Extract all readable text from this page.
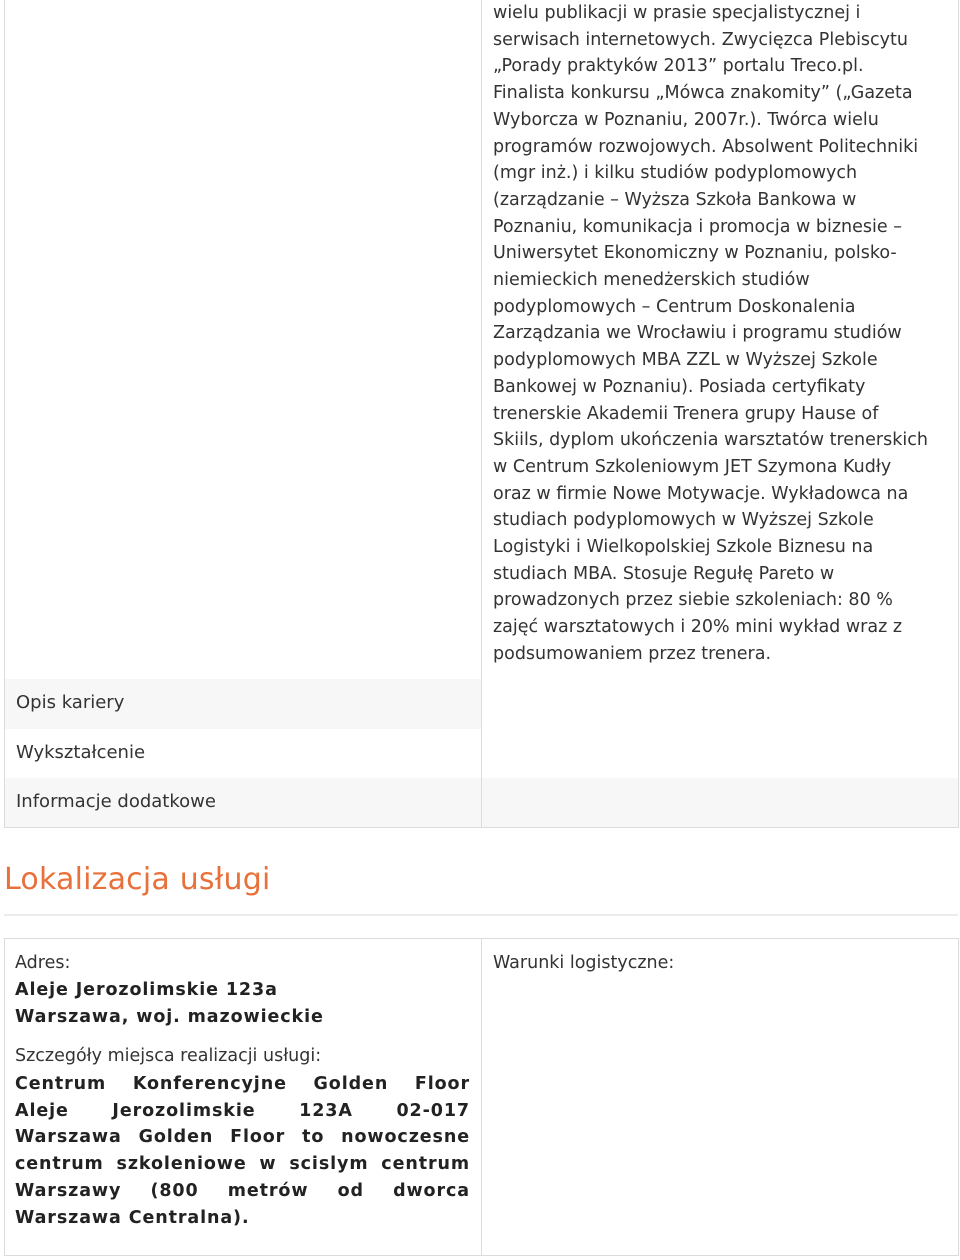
wielu publikacji w prasie specjalistycznej i
serwisach internetowych. Zwycięzca Plebiscytu
„Porady praktyków 2013” portalu Treco.pl.
Finalista konkursu „Mówca znakomity” („Gazeta
Wyborcza w Poznaniu, 2007r.). Twórca wielu
programów rozwojowych. Absolwent Politechniki
(mgr inż.) i kilku studiów podyplomowych
(zarządzanie – Wyższa Szkoła Bankowa w
Poznaniu, komunikacja i promocja w biznesie –
Uniwersytet Ekonomiczny w Poznaniu, polsko-
niemieckich menedżerskich studiów
podyplomowych – Centrum Doskonalenia
Zarządzania we Wrocławiu i programu studiów
podyplomowych MBA ZZL w Wyższej Szkole
Bankowej w Poznaniu). Posiada certyfikaty
trenerskie Akademii Trenera grupy Hause of
Skiils, dyplom ukończenia warsztatów trenerskich
w Centrum Szkoleniowym JET Szymona Kudły
oraz w firmie Nowe Motywacje. Wykładowca na
studiach podyplomowych w Wyższej Szkole
Logistyki i Wielkopolskiej Szkole Biznesu na
studiach MBA. Stosuje Regułę Pareto w
prowadzonych przez siebie szkoleniach: 80 %
zajęć warsztatowych i 20% mini wykład wraz z
podsumowaniem przez trenera.

Opis kariery
Wykształcenie
Informacje dodatkowe
Lokalizacja usługi
Adres:
Aleje Jerozolimskie 123a
Warszawa, woj. mazowieckie
Szczegóły miejsca realizacji usługi:
Centrum Konferencyjne Golden Floor Aleje Jerozolimskie 123A 02-017 Warszawa Golden Floor to nowoczesne centrum szkoleniowe w scislym centrum Warszawy (800 metrów od dworca Warszawa Centralna).
Warunki logistyczne:
